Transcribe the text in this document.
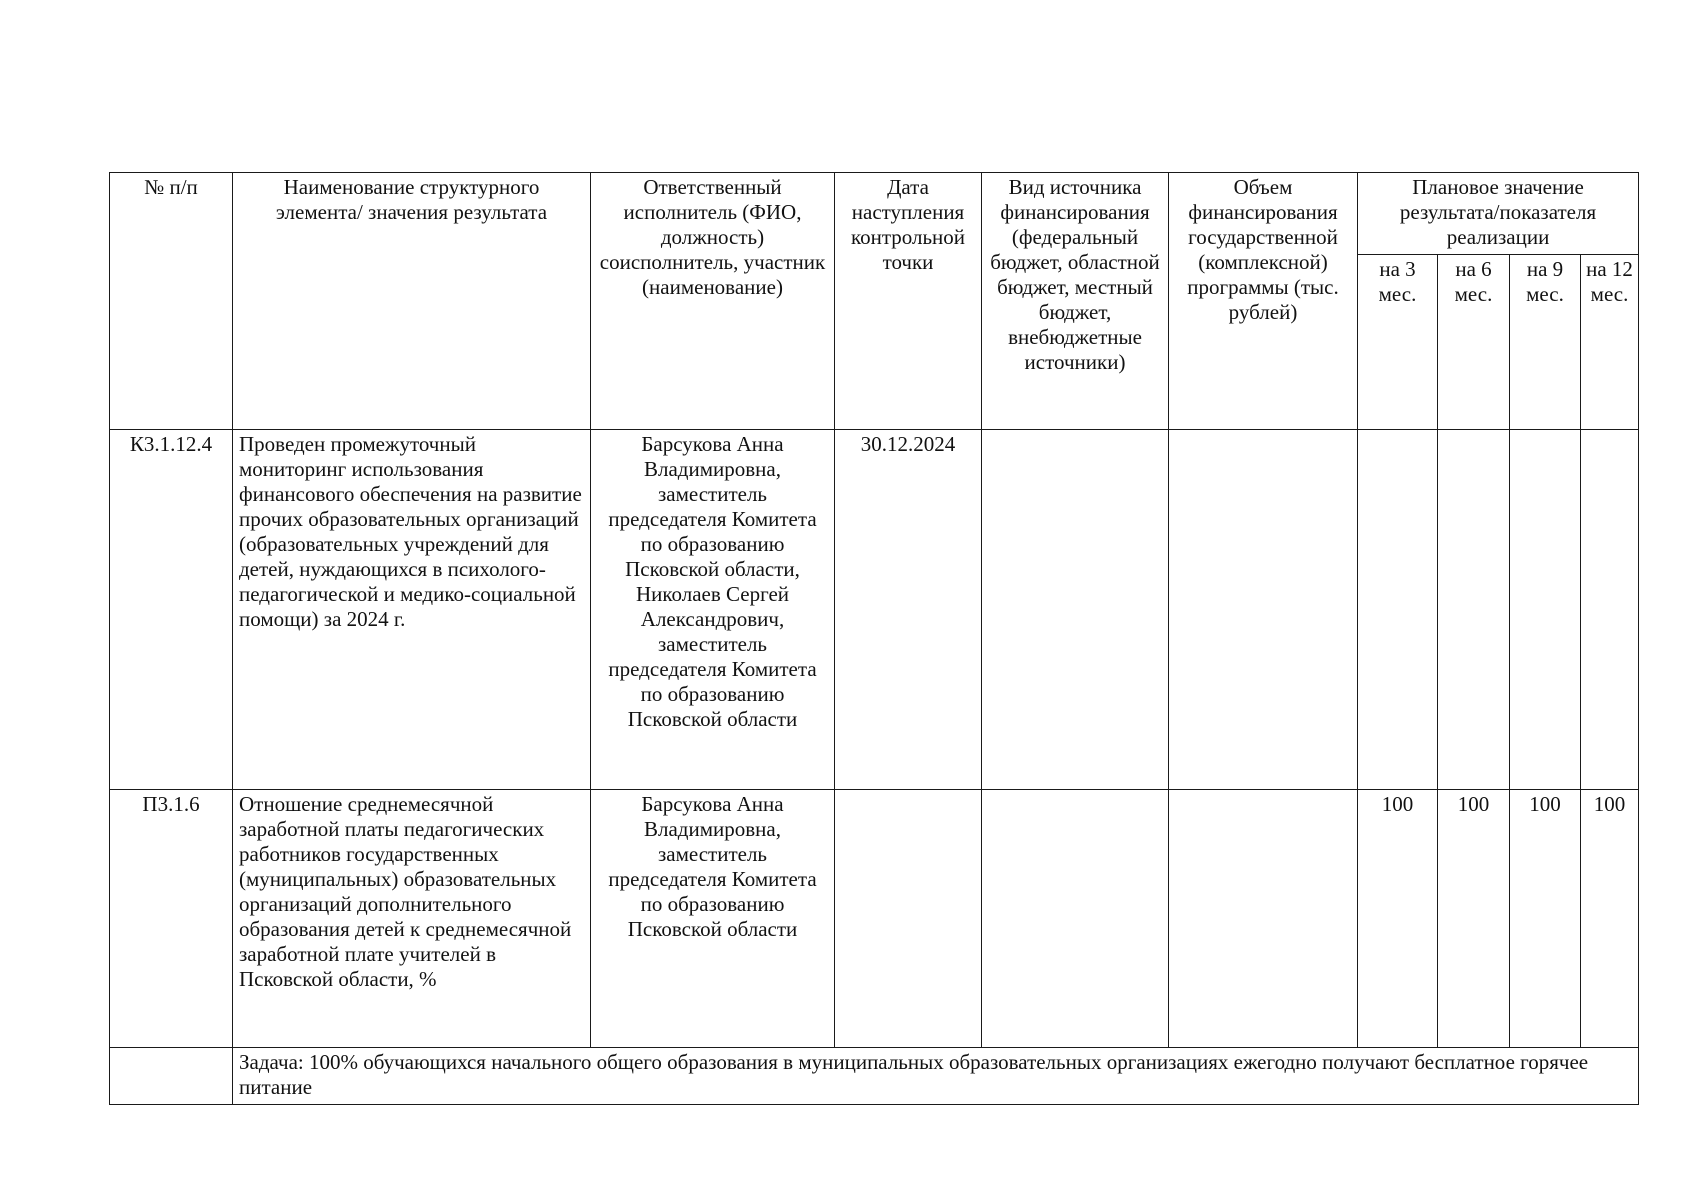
№ п/п	Наименование структурного элемента/ значения результата	Ответственный исполнитель (ФИО, должность) соисполнитель, участник (наименование)	Дата наступления контрольной точки	Вид источника финансирования (федеральный бюджет, областной бюджет, местный бюджет, внебюджетные источники)	Объем финансирования государственной (комплексной) программы (тыс. рублей)	Плановое значение результата/показателя реализации			
						на 3 мес.	на 6 мес.	на 9 мес.	на 12 мес.
К3.1.12.4	Проведен промежуточный мониторинг использования финансового обеспечения на развитие прочих образовательных организаций (образовательных учреждений для детей, нуждающихся в психолого-педагогической и медико-социальной помощи) за 2024 г.	Барсукова Анна Владимировна, заместитель председателя Комитета по образованию Псковской области, Николаев Сергей Александрович, заместитель председателя Комитета по образованию Псковской области	30.12.2024						
П3.1.6	Отношение среднемесячной заработной платы педагогических работников государственных (муниципальных) образовательных организаций дополнительного образования детей к среднемесячной заработной плате учителей в Псковской области, %	Барсукова Анна Владимировна, заместитель председателя Комитета по образованию Псковской области				100	100	100	100
	Задача: 100% обучающихся начального общего образования в муниципальных образовательных организациях ежегодно получают бесплатное горячее питание								
